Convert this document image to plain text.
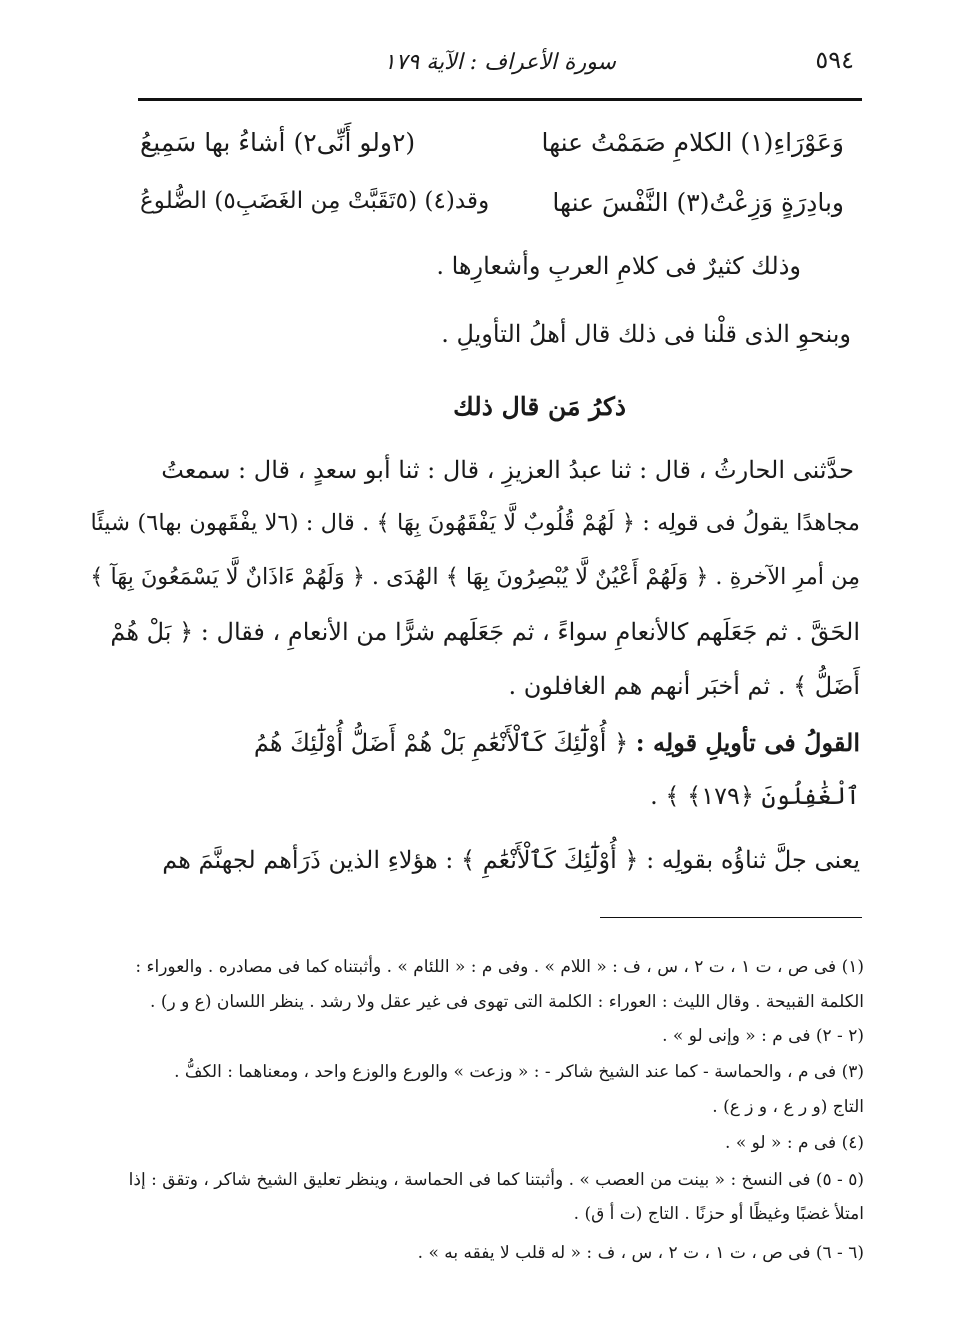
٥٩٤
سورة الأعراف : الآية ١٧٩
وَعَوْرَاءِ(١) الكلامِ صَمَمْتُ عنها
(٢ولو أَنِّى٢) أشاءُ بها سَمِيعُ
وبادِرَةٍ وَزِعْتُ(٣) النَّفْسَ عنها
وقد(٤) (٥تَقَبَّتْ مِن الغَضَبِ٥) الضُّلوعُ
وذلك كثيرٌ فى كلامِ العربِ وأشعارِها .
وبنحوِ الذى قلْنا فى ذلك قال أهلُ التأويلِ .
ذكرُ مَن قال ذلك
حدَّثنى الحارثُ ، قال : ثنا عبدُ العزيزِ ، قال : ثنا أبو سعدٍ ، قال : سمعتُ
مجاهدًا يقولُ فى قولِه : ﴿ لَهُمْ قُلُوبٌ لَّا يَفْقَهُونَ بِهَا ﴾ . قال : (٦لا يفْقَهون بها٦) شيئًا
مِن أمرِ الآخرةِ . ﴿ وَلَهُمْ أَعْيُنٌ لَّا يُبْصِرُونَ بِهَا ﴾ الهُدَى . ﴿ وَلَهُمْ ءَاذَانٌ لَّا يَسْمَعُونَ بِهَآ ﴾
الحَقَّ . ثم جَعَلَهم كالأنعامِ سواءً ، ثم جَعَلَهم شرًّا من الأنعامِ ، فقال : ﴿ بَلْ هُمْ
أَضَلُّ ﴾ . ثم أخبَر أنهم هم الغافلون .
القولُ فى تأويلِ قولِه : ﴿ أُوْلَٰٓئِكَ كَٱلْأَنْعَٰمِ بَلْ هُمْ أَضَلُّ أُوْلَٰٓئِكَ هُمُ
ٱلْغَٰفِلُونَ ﴿١٧٩﴾ ﴾ .
يعنى جلَّ ثناؤُه بقولِه : ﴿ أُوْلَٰٓئِكَ كَٱلْأَنْعَٰمِ ﴾ : هؤلاءِ الذين ذَرَأهم لجهنَّمَ هم
(١) فى ص ، ت ١ ، ت ٢ ، س ، ف : « اللام » . وفى م : « اللئام » . وأثبتناه كما فى مصادره . والعوراء :
الكلمة القبيحة . وقال الليث : العوراء : الكلمة التى تهوى فى غير عقل ولا رشد . ينظر اللسان (ع و ر) .
(٢ - ٢) فى م : « وإنى لو » .
(٣) فى م ، والحماسة - كما عند الشيخ شاكر - : « وزعت » والورع والوزع واحد ، ومعناهما : الكفُّ .
التاج (و ر ع ، و ز ع) .
(٤) فى م : « لو » .
(٥ - ٥) فى النسخ : « بينت من العصب » . وأثبتنا كما فى الحماسة ، وينظر تعليق الشيخ شاكر ، وتقق : إذا
امتلأ غضبًا وغيظًا أو حزنًا . التاج (ت أ ق) .
(٦ - ٦) فى ص ، ت ١ ، ت ٢ ، س ، ف : « له قلب لا يفقه به » .
